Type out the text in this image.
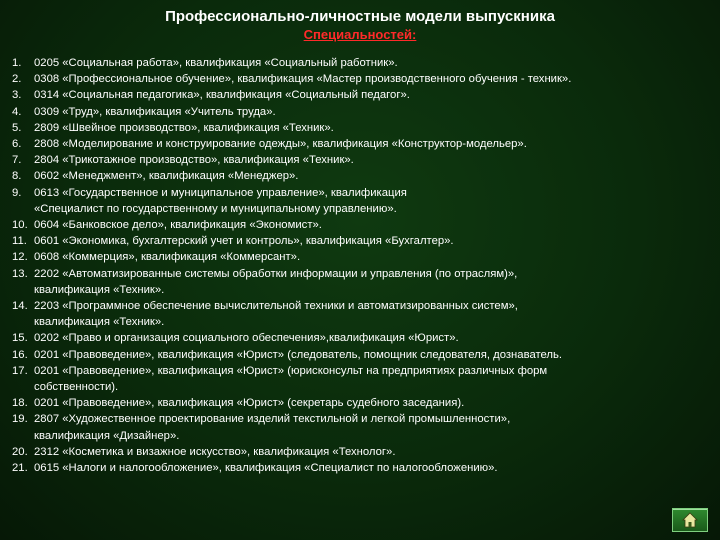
Профессионально-личностные модели выпускника
Специальностей:
1. 0205 «Социальная работа», квалификация «Социальный работник».
2. 0308 «Профессиональное обучение», квалификация «Мастер производственного обучения - техник».
3. 0314 «Социальная педагогика», квалификация «Социальный педагог».
4. 0309 «Труд», квалификация «Учитель труда».
5. 2809 «Швейное производство», квалификация «Техник».
6. 2808 «Моделирование и конструирование одежды», квалификация «Конструктор-модельер».
7. 2804 «Трикотажное производство», квалификация «Техник».
8. 0602 «Менеджмент», квалификация «Менеджер».
9. 0613 «Государственное и муниципальное управление», квалификация
«Специалист по государственному и муниципальному управлению».
10. 0604 «Банковское дело», квалификация «Экономист».
11. 0601 «Экономика, бухгалтерский учет и контроль», квалификация «Бухгалтер».
12. 0608 «Коммерция», квалификация «Коммерсант».
13. 2202 «Автоматизированные системы обработки информации и управления (по отраслям)»,
квалификация «Техник».
14. 2203 «Программное обеспечение вычислительной техники и автоматизированных систем»,
квалификация «Техник».
15. 0202 «Право и организация социального обеспечения»,квалификация «Юрист».
16. 0201 «Правоведение», квалификация «Юрист» (следователь, помощник следователя, дознаватель.
17. 0201 «Правоведение», квалификация «Юрист» (юрисконсульт на предприятиях различных форм
собственности).
18. 0201 «Правоведение», квалификация «Юрист» (секретарь судебного заседания).
19. 2807 «Художественное проектирование изделий текстильной и легкой промышленности»,
квалификация «Дизайнер».
20. 2312 «Косметика и визажное искусство», квалификация «Технолог».
21. 0615 «Налоги и налогообложение», квалификация «Специалист по налогообложению».
